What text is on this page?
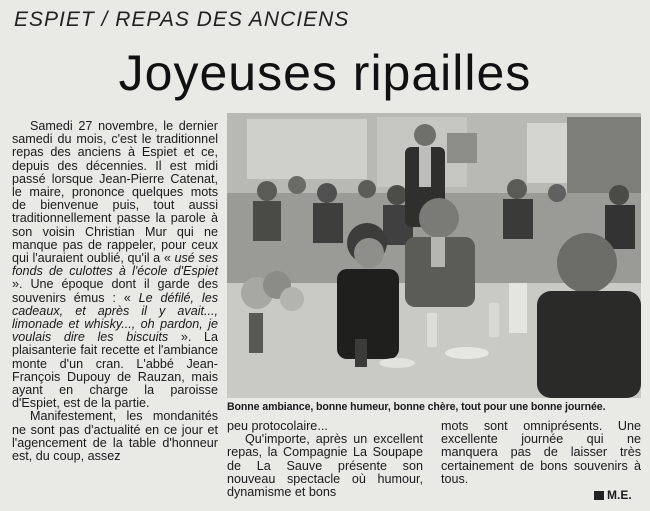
ESPIET / REPAS DES ANCIENS
Joyeuses ripailles

Samedi 27 novembre, le dernier samedi du mois, c'est le traditionnel repas des anciens à Espiet et ce, depuis des décennies. Il est midi passé lorsque Jean-Pierre Catenat, le maire, prononce quelques mots de bienvenue puis, tout aussi traditionnellement passe la parole à son voisin Christian Mur qui ne manque pas de rappeler, pour ceux qui l'auraient oublié, qu'il a « usé ses fonds de culottes à l'école d'Espiet ». Une époque dont il garde des souvenirs émus : « Le défilé, les cadeaux, et après il y avait..., limonade et whisky..., oh pardon, je voulais dire les biscuits ». La plaisanterie fait recette et l'ambiance monte d'un cran. L'abbé Jean-François Dupouy de Rauzan, mais ayant en charge la paroisse d'Espiet, est de la partie.

Manifestement, les mondanités ne sont pas d'actualité en ce jour et l'agencement de la table d'honneur est, du coup, assez

Bonne ambiance, bonne humeur, bonne chère, tout pour une bonne journée.

peu protocolaire...

Qu'importe, après un excellent repas, la Compagnie La Soupape de La Sauve présente son nouveau spectacle où humour, dynamisme et bons

mots sont omniprésents. Une excellente journée qui ne manquera pas de laisser très certainement de bons souvenirs à tous.

M.E.
